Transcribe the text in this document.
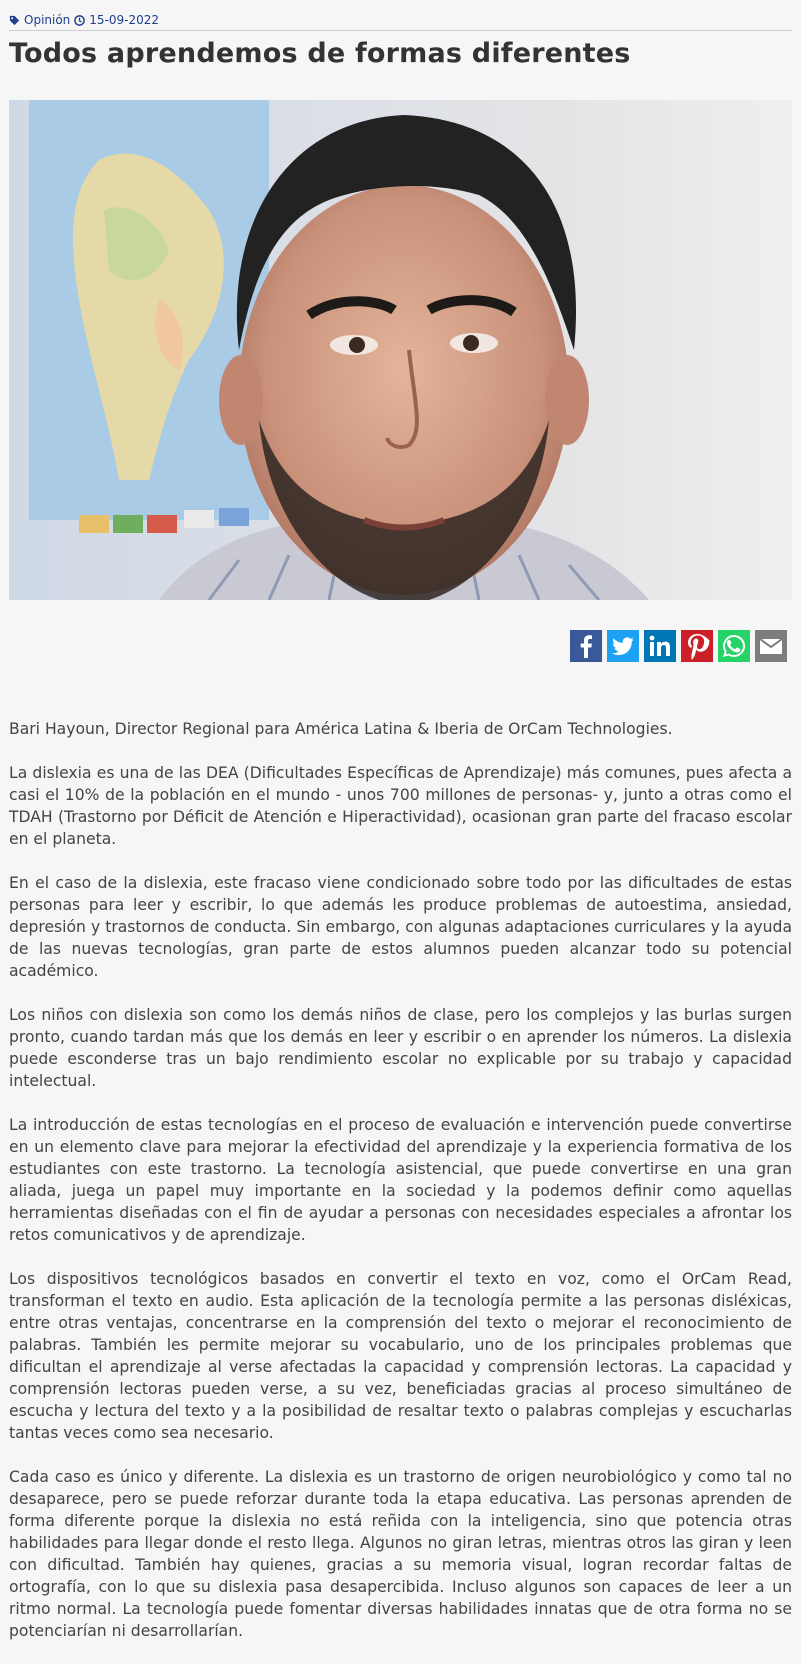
Opinión 15-09-2022
Todos aprendemos de formas diferentes

Bari Hayoun, Director Regional para América Latina & Iberia de OrCam Technologies.

La dislexia es una de las DEA (Dificultades Específicas de Aprendizaje) más comunes, pues afecta a casi el 10% de la población en el mundo - unos 700 millones de personas- y, junto a otras como el TDAH (Trastorno por Déficit de Atención e Hiperactividad), ocasionan gran parte del fracaso escolar en el planeta.

En el caso de la dislexia, este fracaso viene condicionado sobre todo por las dificultades de estas personas para leer y escribir, lo que además les produce problemas de autoestima, ansiedad, depresión y trastornos de conducta. Sin embargo, con algunas adaptaciones curriculares y la ayuda de las nuevas tecnologías, gran parte de estos alumnos pueden alcanzar todo su potencial académico.

Los niños con dislexia son como los demás niños de clase, pero los complejos y las burlas surgen pronto, cuando tardan más que los demás en leer y escribir o en aprender los números. La dislexia puede esconderse tras un bajo rendimiento escolar no explicable por su trabajo y capacidad intelectual.

La introducción de estas tecnologías en el proceso de evaluación e intervención puede convertirse en un elemento clave para mejorar la efectividad del aprendizaje y la experiencia formativa de los estudiantes con este trastorno. La tecnología asistencial, que puede convertirse en una gran aliada, juega un papel muy importante en la sociedad y la podemos definir como aquellas herramientas diseñadas con el fin de ayudar a personas con necesidades especiales a afrontar los retos comunicativos y de aprendizaje.

Los dispositivos tecnológicos basados en convertir el texto en voz, como el OrCam Read, transforman el texto en audio. Esta aplicación de la tecnología permite a las personas disléxicas, entre otras ventajas, concentrarse en la comprensión del texto o mejorar el reconocimiento de palabras. También les permite mejorar su vocabulario, uno de los principales problemas que dificultan el aprendizaje al verse afectadas la capacidad y comprensión lectoras. La capacidad y comprensión lectoras pueden verse, a su vez, beneficiadas gracias al proceso simultáneo de escucha y lectura del texto y a la posibilidad de resaltar texto o palabras complejas y escucharlas tantas veces como sea necesario.

Cada caso es único y diferente. La dislexia es un trastorno de origen neurobiológico y como tal no desaparece, pero se puede reforzar durante toda la etapa educativa. Las personas aprenden de forma diferente porque la dislexia no está reñida con la inteligencia, sino que potencia otras habilidades para llegar donde el resto llega. Algunos no giran letras, mientras otros las giran y leen con dificultad. También hay quienes, gracias a su memoria visual, logran recordar faltas de ortografía, con lo que su dislexia pasa desapercibida. Incluso algunos son capaces de leer a un ritmo normal. La tecnología puede fomentar diversas habilidades innatas que de otra forma no se potenciarían ni desarrollarían.
